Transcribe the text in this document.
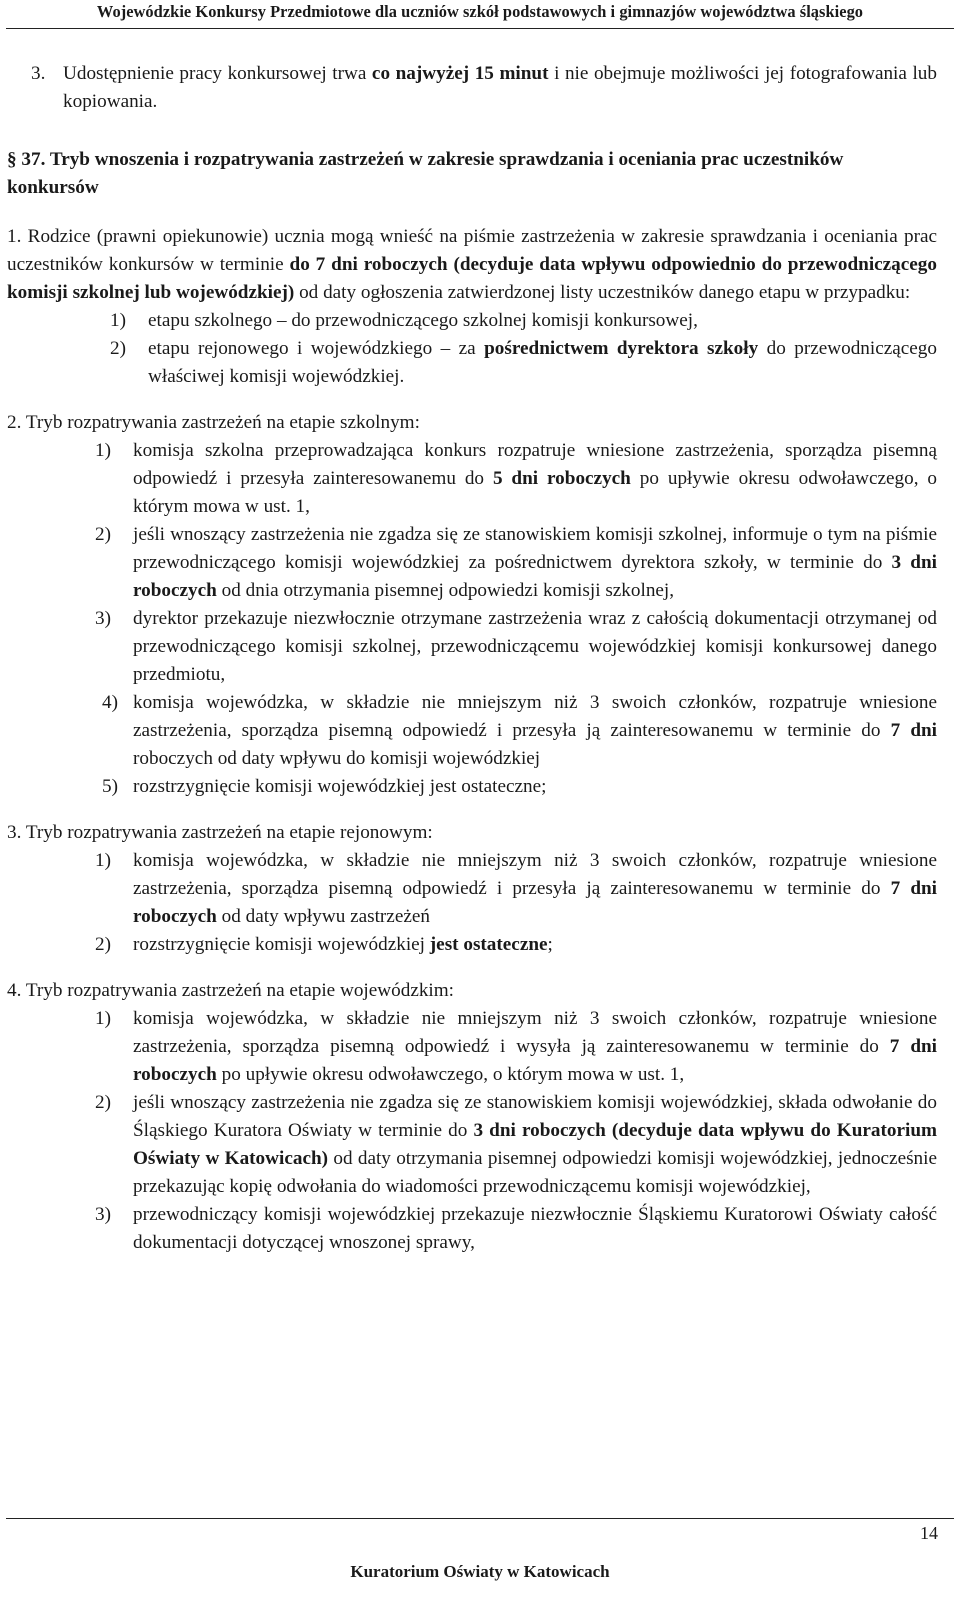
Wojewódzkie Konkursy Przedmiotowe dla uczniów szkół podstawowych i gimnazjów województwa śląskiego
3. Udostępnienie pracy konkursowej trwa co najwyżej 15 minut i nie obejmuje możliwości jej fotografowania lub kopiowania.

§ 37. Tryb wnoszenia i rozpatrywania zastrzeżeń w zakresie sprawdzania i oceniania prac uczestników konkursów

1. Rodzice (prawni opiekunowie) ucznia mogą wnieść na piśmie zastrzeżenia w zakresie sprawdzania i oceniania prac uczestników konkursów w terminie do 7 dni roboczych (decyduje data wpływu odpowiednio do przewodniczącego komisji szkolnej lub wojewódzkiej) od daty ogłoszenia zatwierdzonej listy uczestników danego etapu w przypadku:

1)	etapu szkolnego – do przewodniczącego szkolnej komisji konkursowej,
2)	etapu rejonowego i wojewódzkiego – za pośrednictwem dyrektora szkoły do przewodniczącego właściwej komisji wojewódzkiej.

2. Tryb rozpatrywania zastrzeżeń na etapie szkolnym:

1)	komisja szkolna przeprowadzająca konkurs rozpatruje wniesione zastrzeżenia, sporządza pisemną odpowiedź i przesyła zainteresowanemu do 5 dni roboczych po upływie okresu odwoławczego, o którym mowa w ust. 1,
2)	jeśli wnoszący zastrzeżenia nie zgadza się ze stanowiskiem komisji szkolnej, informuje o tym na piśmie przewodniczącego komisji wojewódzkiej za pośrednictwem dyrektora szkoły, w terminie do 3 dni roboczych od dnia otrzymania pisemnej odpowiedzi komisji szkolnej,
3)	dyrektor przekazuje niezwłocznie otrzymane zastrzeżenia wraz z całością dokumentacji otrzymanej od przewodniczącego komisji szkolnej, przewodniczącemu wojewódzkiej komisji konkursowej danego przedmiotu,
4) komisja wojewódzka, w składzie nie mniejszym niż 3 swoich członków, rozpatruje wniesione zastrzeżenia, sporządza pisemną odpowiedź i przesyła ją zainteresowanemu w terminie do 7 dni roboczych od daty wpływu do komisji wojewódzkiej
5) rozstrzygnięcie komisji wojewódzkiej jest ostateczne;

3. Tryb rozpatrywania zastrzeżeń na etapie rejonowym:

1)	komisja wojewódzka, w składzie nie mniejszym niż 3 swoich członków, rozpatruje wniesione zastrzeżenia, sporządza pisemną odpowiedź i przesyła ją zainteresowanemu w terminie do 7 dni roboczych od daty wpływu zastrzeżeń
2)	rozstrzygnięcie komisji wojewódzkiej jest ostateczne;

4. Tryb rozpatrywania zastrzeżeń na etapie wojewódzkim:

1)	komisja wojewódzka, w składzie nie mniejszym niż 3 swoich członków, rozpatruje wniesione zastrzeżenia, sporządza pisemną odpowiedź i wysyła ją zainteresowanemu w terminie do 7 dni roboczych po upływie okresu odwoławczego, o którym mowa w ust. 1,
2)	jeśli wnoszący zastrzeżenia nie zgadza się ze stanowiskiem komisji wojewódzkiej, składa odwołanie do Śląskiego Kuratora Oświaty w terminie do 3 dni roboczych (decyduje data wpływu do Kuratorium Oświaty w Katowicach) od daty otrzymania pisemnej odpowiedzi komisji wojewódzkiej, jednocześnie przekazując kopię odwołania do wiadomości przewodniczącemu komisji wojewódzkiej,
3)	przewodniczący komisji wojewódzkiej przekazuje niezwłocznie Śląskiemu Kuratorowi Oświaty całość dokumentacji dotyczącej wnoszonej sprawy,
14
Kuratorium Oświaty w Katowicach
